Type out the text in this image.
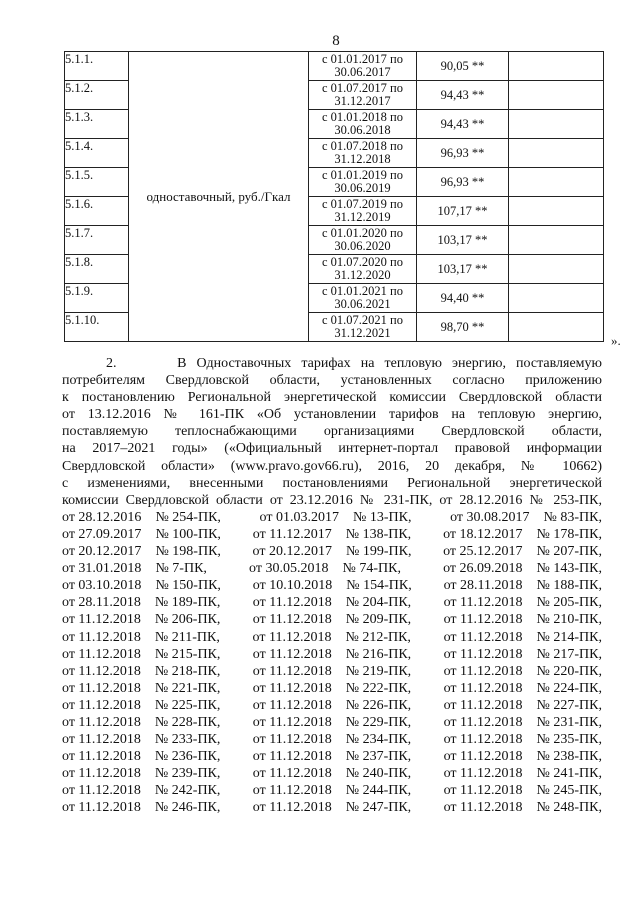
8
5.1.1.	одноставочный, руб./Гкал	с 01.01.2017 по
30.06.2017	90,05 **	
5.1.2.		с 01.07.2017 по
31.12.2017	94,43 **	
5.1.3.		с 01.01.2018 по
30.06.2018	94,43 **	
5.1.4.		с 01.07.2018 по
31.12.2018	96,93 **	
5.1.5.		с 01.01.2019 по
30.06.2019	96,93 **	
5.1.6.		с 01.07.2019 по
31.12.2019	107,17 **	
5.1.7.		с 01.01.2020 по
30.06.2020	103,17 **	
5.1.8.		с 01.07.2020 по
31.12.2020	103,17 **	
5.1.9.		с 01.01.2021 по
30.06.2021	94,40 **	
5.1.10.		с 01.07.2021 по
31.12.2021	98,70 **	
».
2.      В Одноставочных тарифах на тепловую энергию, поставляемую
потребителям Свердловской области, установленных согласно приложению
к постановлению Региональной энергетической комиссии Свердловской области
от 13.12.2016 № 161-ПК «Об установлении тарифов на тепловую энергию,
поставляемую теплоснабжающими организациями Свердловской области,
на 2017–2021 годы» («Официальный интернет-портал правовой информации
Свердловской области» (www.pravo.gov66.ru), 2016, 20 декабря, № 10662)
с изменениями, внесенными постановлениями Региональной энергетической
комиссии Свердловской области от 23.12.2016 № 231-ПК, от 28.12.2016 № 253-ПК,
от 28.12.2016 № 254-ПК,	от 01.03.2017 № 13-ПК,	от 30.08.2017 № 83-ПК,
от 27.09.2017 № 100-ПК, от 11.12.2017 № 138-ПК, от 18.12.2017 № 178-ПК,
от 20.12.2017 № 198-ПК, от 20.12.2017 № 199-ПК, от 25.12.2017 № 207-ПК,
от 31.01.2018 № 7-ПК,	от 30.05.2018 № 74-ПК,	от 26.09.2018 № 143-ПК,
от 03.10.2018 № 150-ПК, от 10.10.2018 № 154-ПК, от 28.11.2018 № 188-ПК,
от 28.11.2018 № 189-ПК, от 11.12.2018 № 204-ПК, от 11.12.2018 № 205-ПК,
от 11.12.2018 № 206-ПК, от 11.12.2018 № 209-ПК, от 11.12.2018 № 210-ПК,
от 11.12.2018 № 211-ПК, от 11.12.2018 № 212-ПК, от 11.12.2018 № 214-ПК,
от 11.12.2018 № 215-ПК, от 11.12.2018 № 216-ПК, от 11.12.2018 № 217-ПК,
от 11.12.2018 № 218-ПК, от 11.12.2018 № 219-ПК, от 11.12.2018 № 220-ПК,
от 11.12.2018 № 221-ПК, от 11.12.2018 № 222-ПК, от 11.12.2018 № 224-ПК,
от 11.12.2018 № 225-ПК, от 11.12.2018 № 226-ПК, от 11.12.2018 № 227-ПК,
от 11.12.2018 № 228-ПК, от 11.12.2018 № 229-ПК, от 11.12.2018 № 231-ПК,
от 11.12.2018 № 233-ПК, от 11.12.2018 № 234-ПК, от 11.12.2018 № 235-ПК,
от 11.12.2018 № 236-ПК, от 11.12.2018 № 237-ПК, от 11.12.2018 № 238-ПК,
от 11.12.2018 № 239-ПК, от 11.12.2018 № 240-ПК, от 11.12.2018 № 241-ПК,
от 11.12.2018 № 242-ПК, от 11.12.2018 № 244-ПК, от 11.12.2018 № 245-ПК,
от 11.12.2018 № 246-ПК, от 11.12.2018 № 247-ПК, от 11.12.2018 № 248-ПК,
